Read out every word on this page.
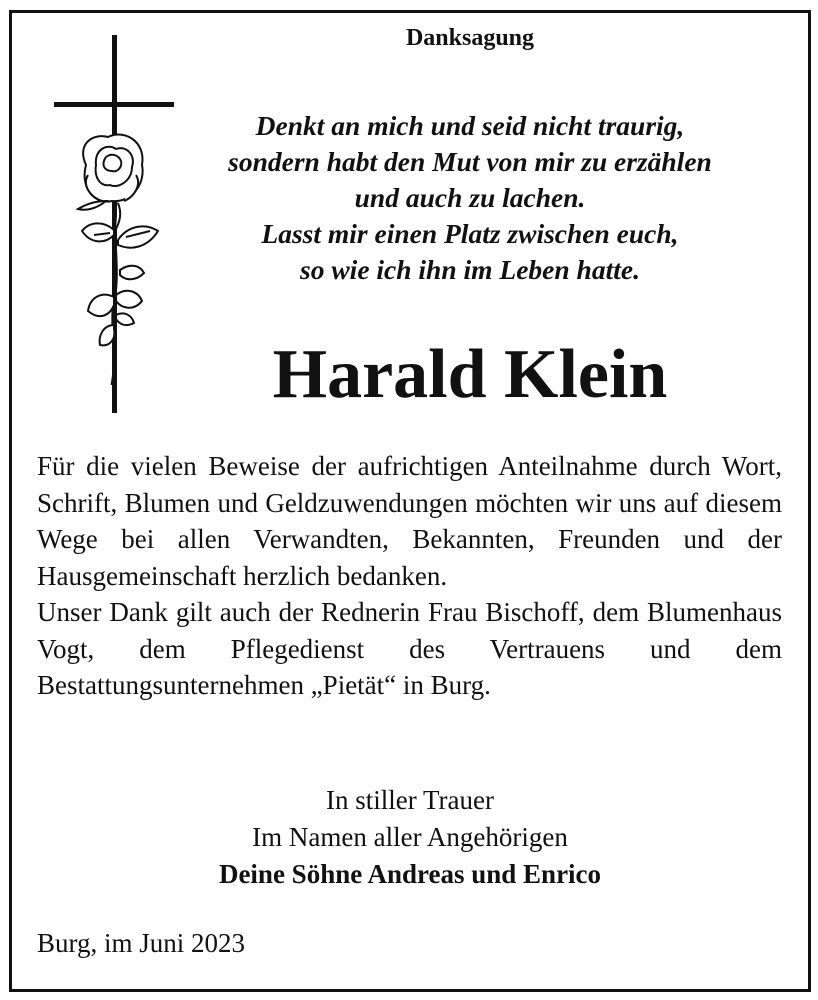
Danksagung
Denkt an mich und seid nicht traurig,
sondern habt den Mut von mir zu erzählen
und auch zu lachen.
Lasst mir einen Platz zwischen euch,
so wie ich ihn im Leben hatte.
Harald Klein

Für die vielen Beweise der aufrichtigen Anteilnahme durch Wort, Schrift, Blumen und Geldzuwendungen möchten wir uns auf diesem Wege bei allen Verwandten, Bekannten, Freunden und der Hausgemeinschaft herzlich bedanken.

Unser Dank gilt auch der Rednerin Frau Bischoff, dem Blumenhaus Vogt, dem Pflegedienst des Vertrauens und dem Bestattungsunternehmen „Pietät“ in Burg.

In stiller Trauer
Im Namen aller Angehörigen
Deine Söhne Andreas und Enrico
Burg, im Juni 2023
